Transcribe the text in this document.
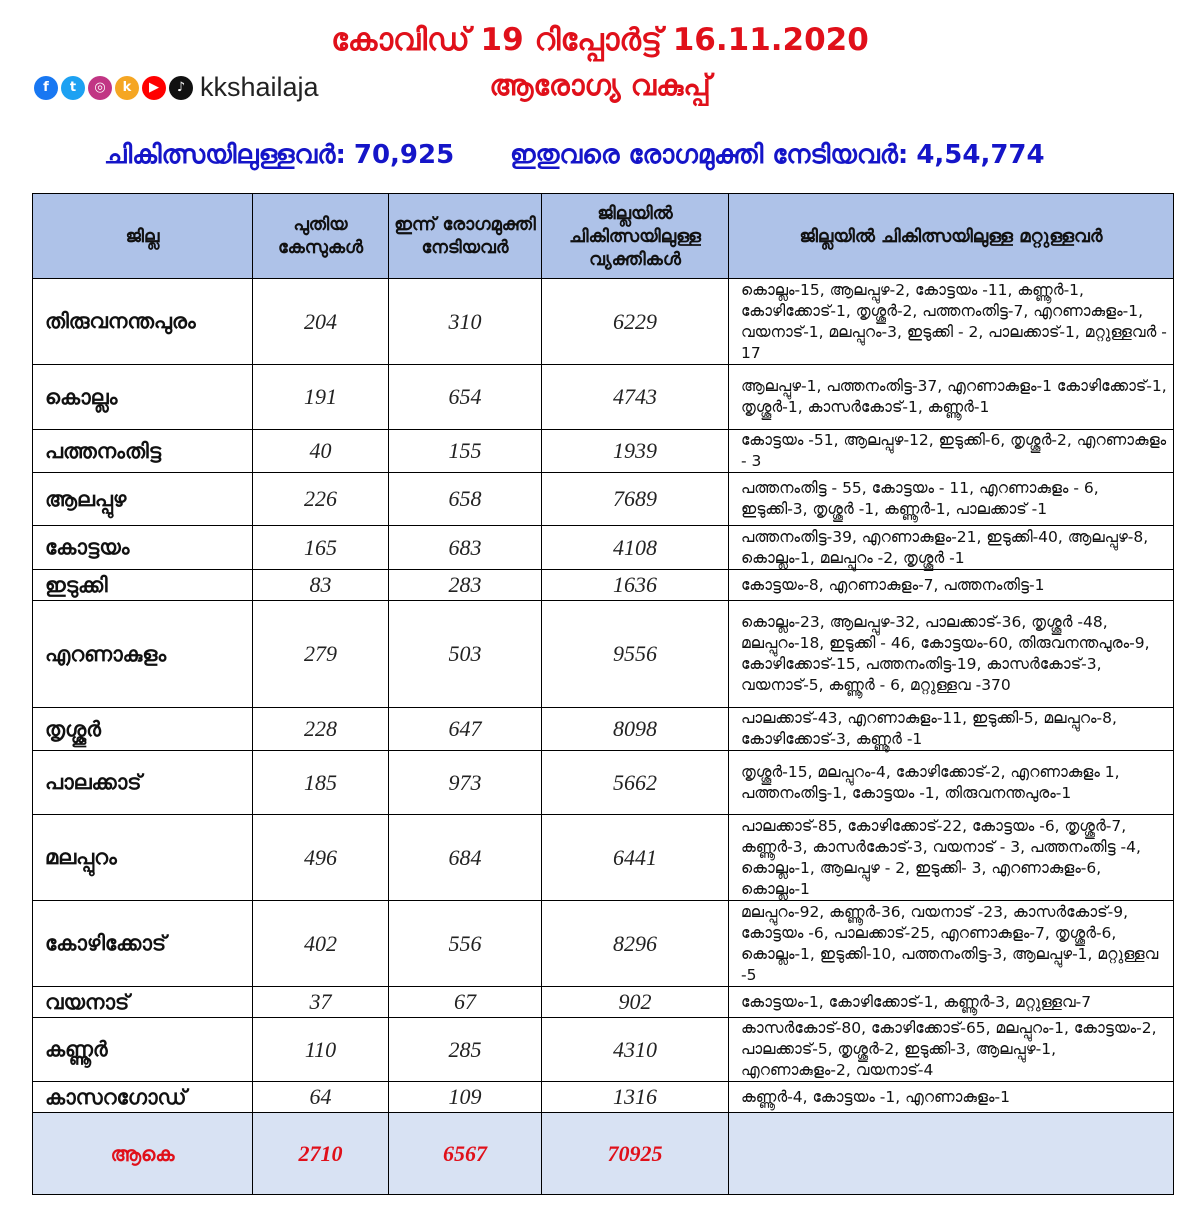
കോവിഡ് 19 റിപ്പോർട്ട് 16.11.2020
ആരോഗ്യ വകുപ്പ്
f	t	◎	k	▶	♪ kkshailaja
ചികിത്സയിലുള്ളവർ: 70,925 ഇതുവരെ രോഗമുക്തി നേടിയവർ: 4,54,774
ജില്ല	പുതിയ കേസുകൾ	ഇന്ന് രോഗമുക്തി നേടിയവർ	ജില്ലയിൽ ചികിത്സയിലുള്ള വ്യക്തികൾ	ജില്ലയിൽ ചികിത്സയിലുള്ള മറ്റുള്ളവർ
തിരുവനന്തപുരം	204	310	6229	കൊല്ലം-15, ആലപ്പുഴ-2, കോട്ടയം -11, കണ്ണൂർ-1, കോഴിക്കോട്-1, തൃശ്ശൂർ-2, പത്തനംതിട്ട-7, എറണാകുളം-1, വയനാട്-1, മലപ്പുറം-3, ഇടുക്കി - 2, പാലക്കാട്-1, മറ്റുള്ളവർ - 17
കൊല്ലം	191	654	4743	ആലപ്പുഴ-1, പത്തനംതിട്ട-37, എറണാകുളം-1 കോഴിക്കോട്-1, തൃശ്ശൂർ-1, കാസർകോട്-1, കണ്ണൂർ-1
പത്തനംതിട്ട	40	155	1939	കോട്ടയം -51, ആലപ്പുഴ-12, ഇടുക്കി-6, തൃശ്ശൂർ-2, എറണാകുളം - 3
ആലപ്പുഴ	226	658	7689	പത്തനംതിട്ട - 55, കോട്ടയം - 11, എറണാകുളം - 6, ഇടുക്കി-3, തൃശ്ശൂർ -1, കണ്ണൂർ-1, പാലക്കാട് -1
കോട്ടയം	165	683	4108	പത്തനംതിട്ട-39, എറണാകുളം-21, ഇടുക്കി-40, ആലപ്പുഴ-8, കൊല്ലം-1, മലപ്പുറം -2, തൃശ്ശൂർ -1
ഇടുക്കി	83	283	1636	കോട്ടയം-8, എറണാകുളം-7, പത്തനംതിട്ട-1
എറണാകുളം	279	503	9556	കൊല്ലം-23, ആലപ്പുഴ-32, പാലക്കാട്-36, തൃശ്ശൂർ -48, മലപ്പുറം-18, ഇടുക്കി - 46, കോട്ടയം-60, തിരുവനന്തപുരം-9, കോഴിക്കോട്-15, പത്തനംതിട്ട-19, കാസർകോട്-3, വയനാട്-5, കണ്ണൂർ - 6, മറ്റുള്ളവ -370
തൃശ്ശൂർ	228	647	8098	പാലക്കാട്-43, എറണാകുളം-11, ഇടുക്കി-5, മലപ്പുറം-8, കോഴിക്കോട്-3, കണ്ണൂർ -1
പാലക്കാട്	185	973	5662	തൃശ്ശൂർ-15, മലപ്പുറം-4, കോഴിക്കോട്-2, എറണാകുളം 1, പത്തനംതിട്ട-1, കോട്ടയം -1, തിരുവനന്തപുരം-1
മലപ്പുറം	496	684	6441	പാലക്കാട്-85, കോഴിക്കോട്-22, കോട്ടയം -6, തൃശ്ശൂർ-7, കണ്ണൂർ-3, കാസർകോട്-3, വയനാട് - 3, പത്തനംതിട്ട -4, കൊല്ലം-1, ആലപ്പുഴ - 2, ഇടുക്കി- 3, എറണാകുളം-6, കൊല്ലം-1
കോഴിക്കോട്	402	556	8296	മലപ്പുറം-92, കണ്ണൂർ-36, വയനാട് -23, കാസർകോട്-9, കോട്ടയം -6, പാലക്കാട്-25, എറണാകുളം-7, തൃശ്ശൂർ-6, കൊല്ലം-1, ഇടുക്കി-10, പത്തനംതിട്ട-3, ആലപ്പുഴ-1, മറ്റുള്ളവ -5
വയനാട്	37	67	902	കോട്ടയം-1, കോഴിക്കോട്-1, കണ്ണൂർ-3, മറ്റുള്ളവ-7
കണ്ണൂർ	110	285	4310	കാസർകോട്-80, കോഴിക്കോട്-65, മലപ്പുറം-1, കോട്ടയം-2, പാലക്കാട്-5, തൃശ്ശൂർ-2, ഇടുക്കി-3, ആലപ്പുഴ-1, എറണാകുളം-2, വയനാട്-4
കാസറഗോഡ്	64	109	1316	കണ്ണൂർ-4, കോട്ടയം -1, എറണാകുളം-1
ആകെ	2710	6567	70925	
